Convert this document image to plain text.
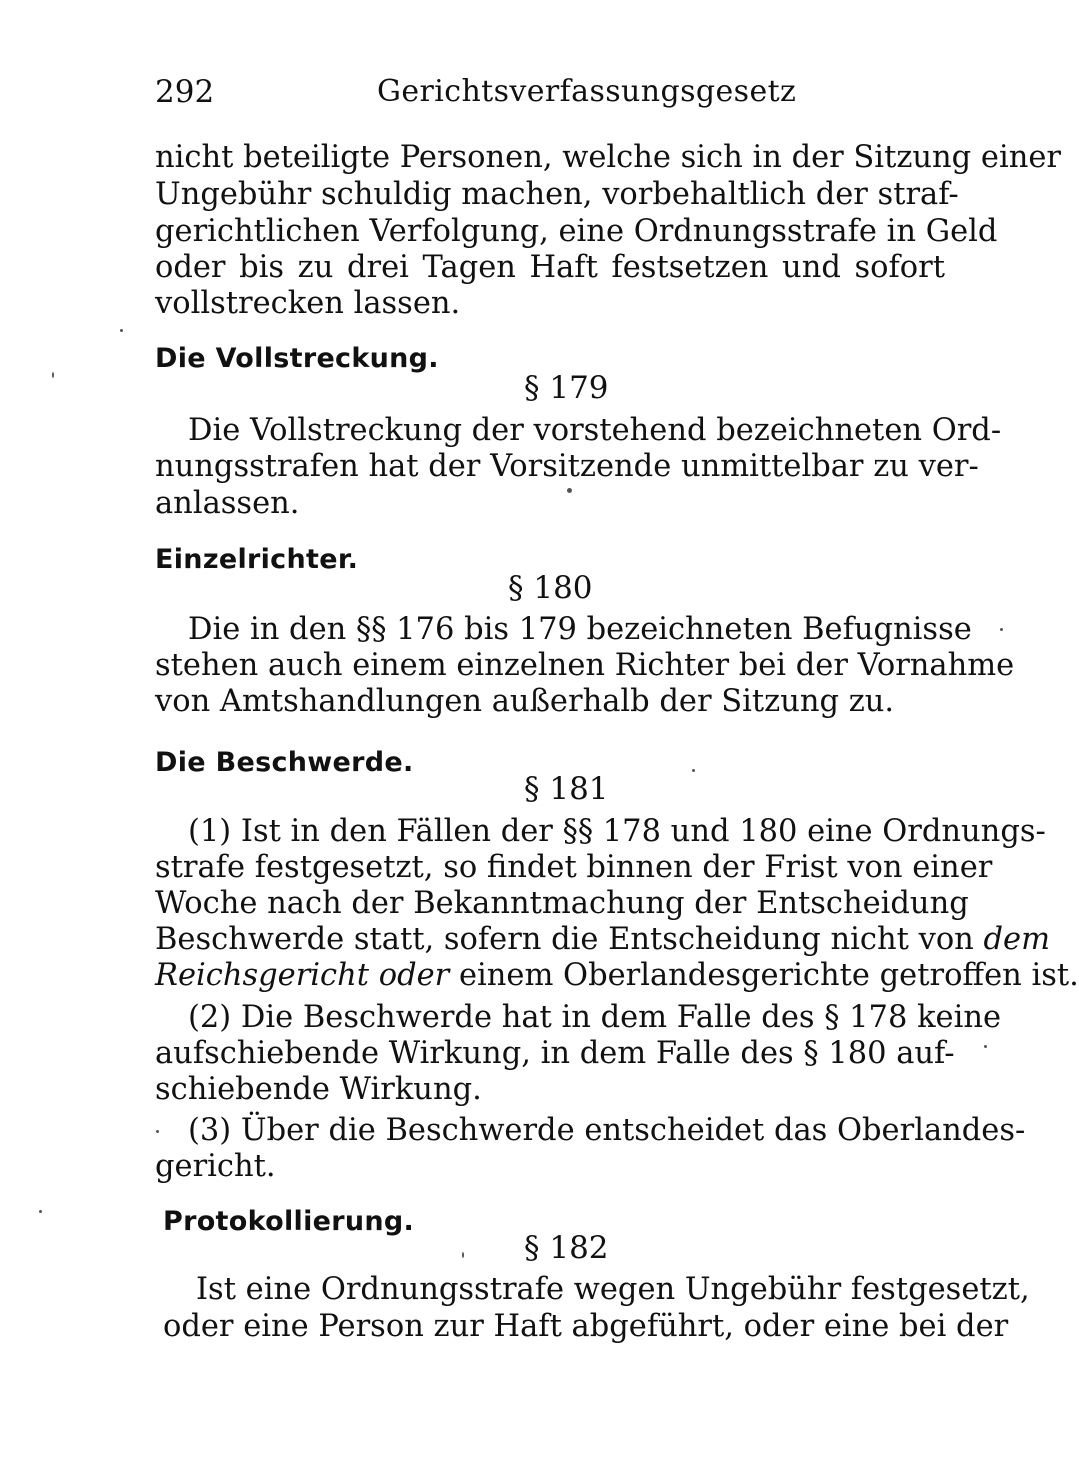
292	Gerichtsverfassungsgesetz
nicht beteiligte Personen, welche sich in der Sitzung einer
Ungebühr schuldig machen, vorbehaltlich der straf-
gerichtlichen Verfolgung, eine Ordnungsstrafe in Geld
oder bis zu drei Tagen Haft festsetzen und sofort
vollstrecken lassen.
Die Vollstreckung.
§ 179
Die Vollstreckung der vorstehend bezeichneten Ord-
nungsstrafen hat der Vorsitzende unmittelbar zu ver-
anlassen.
Einzelrichter.
§ 180
Die in den §§ 176 bis 179 bezeichneten Befugnisse
stehen auch einem einzelnen Richter bei der Vornahme
von Amtshandlungen außerhalb der Sitzung zu.
Die Beschwerde.
§ 181
(1) Ist in den Fällen der §§ 178 und 180 eine Ordnungs-
strafe festgesetzt, so findet binnen der Frist von einer
Woche nach der Bekanntmachung der Entscheidung
Beschwerde statt, sofern die Entscheidung nicht von dem
Reichsgericht oder einem Oberlandesgerichte getroffen ist.
(2) Die Beschwerde hat in dem Falle des § 178 keine
aufschiebende Wirkung, in dem Falle des § 180 auf-
schiebende Wirkung.
(3) Über die Beschwerde entscheidet das Oberlandes-
gericht.
Protokollierung.
§ 182
Ist eine Ordnungsstrafe wegen Ungebühr festgesetzt,
oder eine Person zur Haft abgeführt, oder eine bei der
